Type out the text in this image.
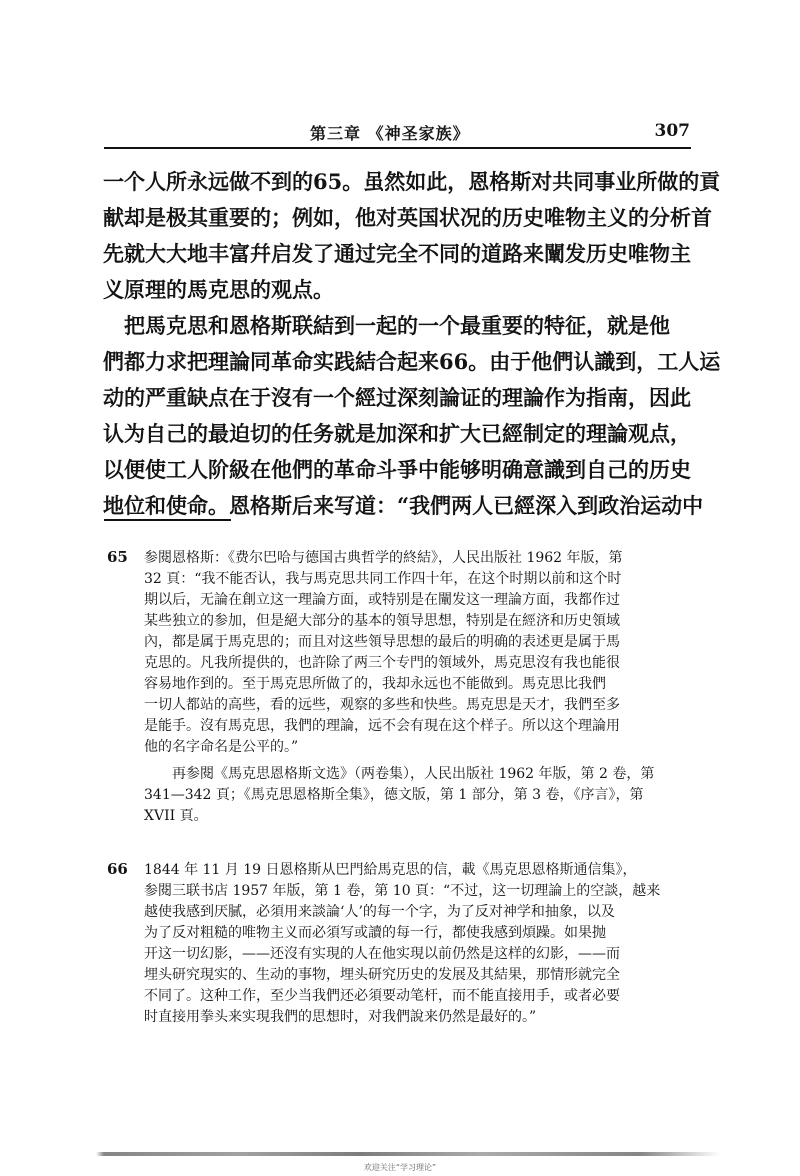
第三章 《神圣家族》	307
一个人所永远做不到的65。虽然如此，恩格斯对共同事业所做的貢
献却是极其重要的；例如，他对英国状况的历史唯物主义的分析首
先就大大地丰富幷启发了通过完全不同的道路来闡发历史唯物主
义原理的馬克思的观点。
　把馬克思和恩格斯联結到一起的一个最重要的特征，就是他
們都力求把理論同革命实践結合起来66。由于他們认識到，工人运
动的严重缺点在于沒有一个經过深刻論证的理論作为指南，因此
认为自己的最迫切的任务就是加深和扩大已經制定的理論观点，
以便使工人阶級在他們的革命斗爭中能够明确意識到自己的历史
地位和使命。恩格斯后来写道：“我們两人已經深入到政治运动中
65	参閱恩格斯：《费尔巴哈与德国古典哲学的終結》，人民出版社 1962 年版，第
32 頁：“我不能否认，我与馬克思共同工作四十年，在这个时期以前和这个时
期以后，无論在創立这一理論方面，或特别是在闡发这一理論方面，我都作过
某些独立的参加，但是絕大部分的基本的領导思想，特别是在經济和历史領域
內，都是属于馬克思的；而且对这些領导思想的最后的明确的表述更是属于馬
克思的。凡我所提供的，也許除了两三个专門的領域外，馬克思沒有我也能很
容易地作到的。至于馬克思所做了的，我却永远也不能做到。馬克思比我們
一切人都站的高些，看的远些，观察的多些和快些。馬克思是天才，我們至多
是能手。沒有馬克思，我們的理論，远不会有現在这个样子。所以这个理論用
他的名字命名是公平的。”
再参閱《馬克思恩格斯文选》（两卷集），人民出版社 1962 年版，第 2 卷，第
341—342 頁；《馬克思恩格斯全集》，德文版，第 1 部分，第 3 卷，《序言》，第
XVII 頁。
66	1844 年 11 月 19 日恩格斯从巴門給馬克思的信，載《馬克思恩格斯通信集》，
参閱三联书店 1957 年版，第 1 卷，第 10 頁：“不过，这一切理論上的空談，越来
越使我感到厌膩，必須用来談論‘人’的每一个字，为了反对神学和抽象，以及
为了反对粗糙的唯物主义而必須写或讀的每一行，都使我感到煩躁。如果抛
开这一切幻影，——还沒有实現的人在他实現以前仍然是这样的幻影，——而
埋头研究現实的、生动的事物，埋头研究历史的发展及其結果，那情形就完全
不同了。这种工作，至少当我們还必須要动笔杆，而不能直接用手，或者必要
时直接用拳头来实現我們的思想时，对我們說来仍然是最好的。”
欢迎关注“学习理论”
